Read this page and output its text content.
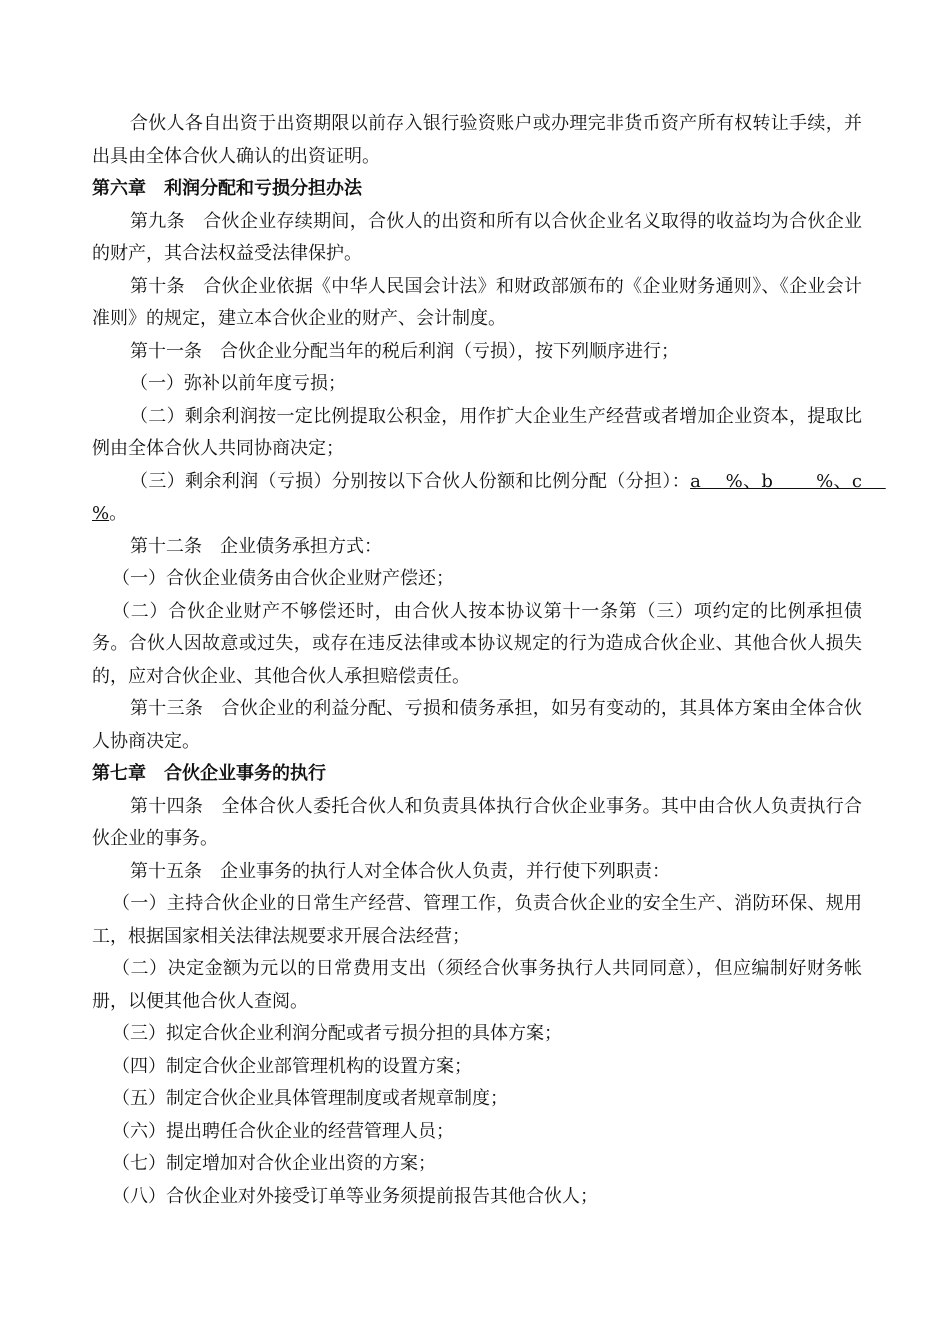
合伙人各自出资于出资期限以前存入银行验资账户或办理完非货币资产所有权转让手续，并出具由全体合伙人确认的出资证明。

第六章　利润分配和亏损分担办法

第九条　合伙企业存续期间，合伙人的出资和所有以合伙企业名义取得的收益均为合伙企业的财产，其合法权益受法律保护。

第十条　合伙企业依据《中华人民国会计法》和财政部颁布的《企业财务通则》、《企业会计准则》的规定，建立本合伙企业的财产、会计制度。

第十一条　合伙企业分配当年的税后利润（亏损），按下列顺序进行；

（一）弥补以前年度亏损；

（二）剩余利润按一定比例提取公积金，用作扩大企业生产经营或者增加企业资本，提取比例由全体合伙人共同协商决定；

（三）剩余利润（亏损）分别按以下合伙人份额和比例分配（分担）：a　 %、b　　 %、c　 %。

第十二条　企业债务承担方式：

（一）合伙企业债务由合伙企业财产偿还；

（二）合伙企业财产不够偿还时，由合伙人按本协议第十一条第（三）项约定的比例承担债务。合伙人因故意或过失，或存在违反法律或本协议规定的行为造成合伙企业、其他合伙人损失的，应对合伙企业、其他合伙人承担赔偿责任。

第十三条　合伙企业的利益分配、亏损和债务承担，如另有变动的，其具体方案由全体合伙人协商决定。

第七章　合伙企业事务的执行

第十四条　全体合伙人委托合伙人和负责具体执行合伙企业事务。其中由合伙人负责执行合伙企业的事务。

第十五条　企业事务的执行人对全体合伙人负责，并行使下列职责：

（一）主持合伙企业的日常生产经营、管理工作，负责合伙企业的安全生产、消防环保、规用工，根据国家相关法律法规要求开展合法经营；

（二）决定金额为元以的日常费用支出（须经合伙事务执行人共同同意），但应编制好财务帐册，以便其他合伙人查阅。

（三）拟定合伙企业利润分配或者亏损分担的具体方案；

（四）制定合伙企业部管理机构的设置方案；

（五）制定合伙企业具体管理制度或者规章制度；

（六）提出聘任合伙企业的经营管理人员；

（七）制定增加对合伙企业出资的方案；

（八）合伙企业对外接受订单等业务须提前报告其他合伙人；
